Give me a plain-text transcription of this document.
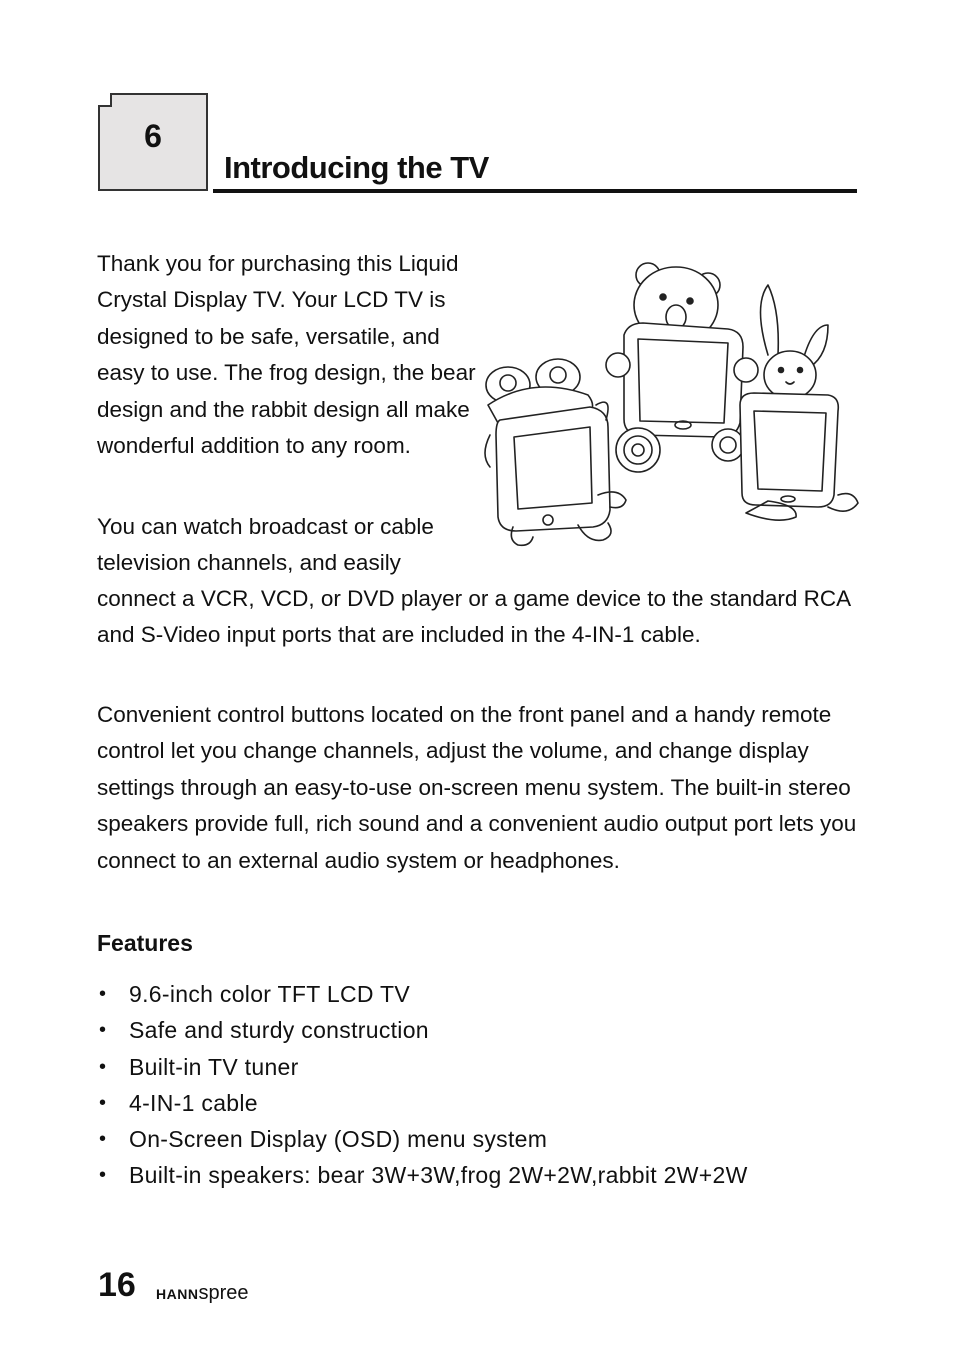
6
Introducing the TV

Thank you for purchasing this Liquid Crystal Display TV. Your LCD TV is designed to be safe, versatile, and easy to use. The frog design, the bear design and the rabbit design all make wonderful addition to any room.

You can watch broadcast or cable television channels, and easily

connect a VCR, VCD, or DVD player or a game device to the standard RCA and S-Video input ports that are included in the 4-IN-1 cable.

Convenient control buttons located on the front panel and a handy remote control let you change channels, adjust the volume, and change display settings through an easy-to-use on-screen menu system. The built-in stereo speakers provide full, rich sound and a convenient audio output port lets you connect to an external audio system or headphones.

Features
• 9.6-inch color TFT LCD TV
• Safe and sturdy construction
• Built-in TV tuner
• 4-IN-1 cable
• On-Screen Display (OSD) menu system
• Built-in speakers: bear 3W+3W,frog 2W+2W,rabbit 2W+2W
16 HANNspree
